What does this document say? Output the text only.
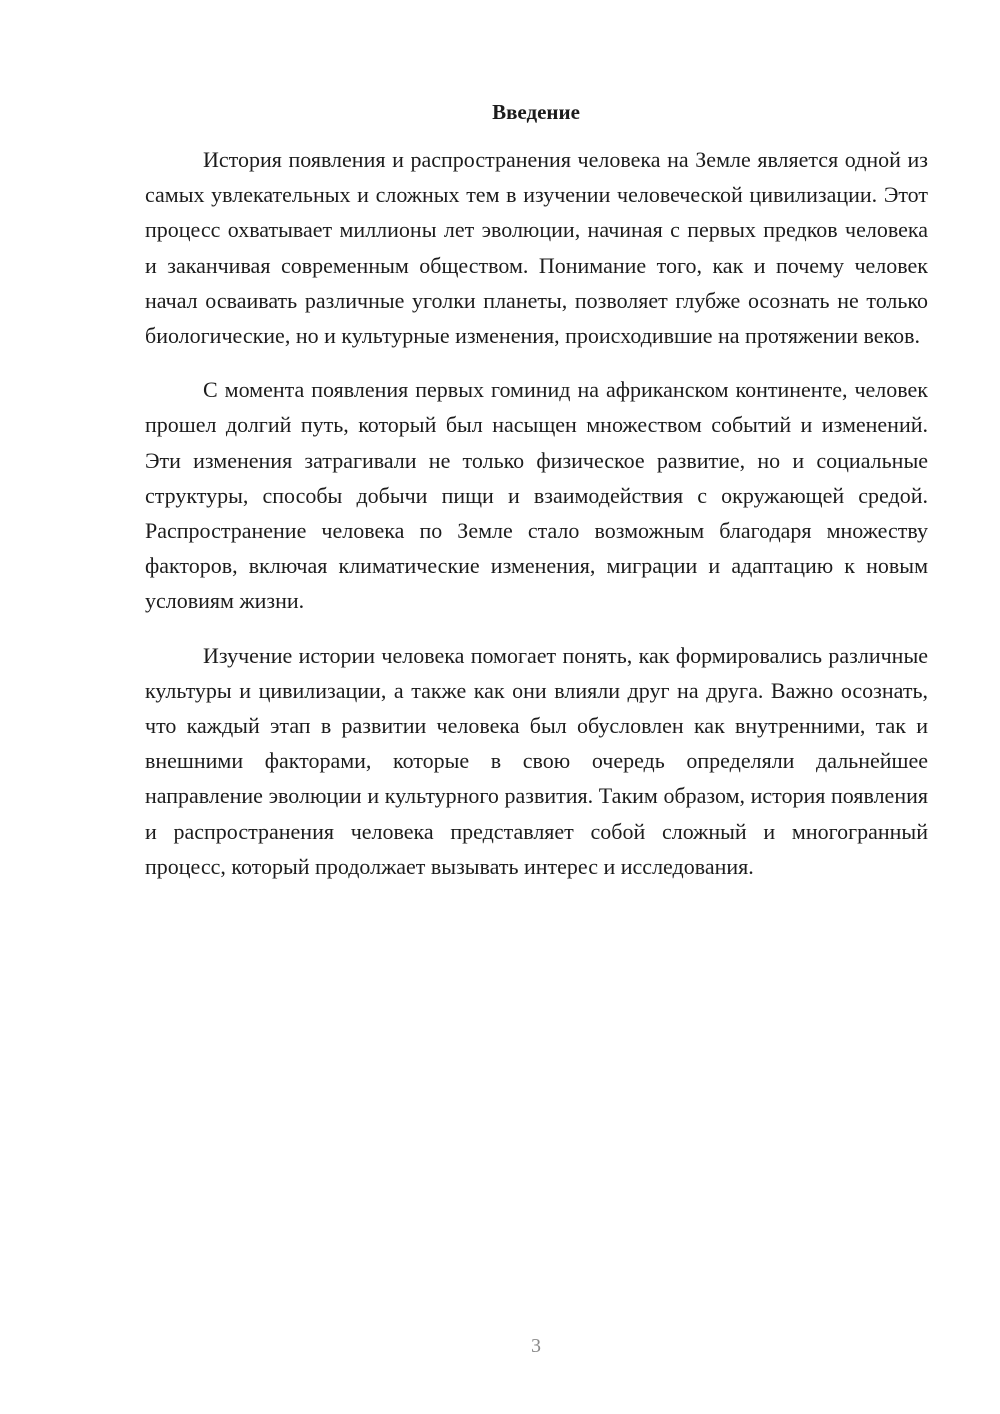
Введение

История появления и распространения человека на Земле является одной из самых увлекательных и сложных тем в изучении человеческой цивилизации. Этот процесс охватывает миллионы лет эволюции, начиная с первых предков человека и заканчивая современным обществом. Понимание того, как и почему человек начал осваивать различные уголки планеты, позволяет глубже осознать не только биологические, но и культурные изменения, происходившие на протяжении веков.

С момента появления первых гоминид на африканском континенте, человек прошел долгий путь, который был насыщен множеством событий и изменений. Эти изменения затрагивали не только физическое развитие, но и социальные структуры, способы добычи пищи и взаимодействия с окружающей средой. Распространение человека по Земле стало возможным благодаря множеству факторов, включая климатические изменения, миграции и адаптацию к новым условиям жизни.

Изучение истории человека помогает понять, как формировались различные культуры и цивилизации, а также как они влияли друг на друга. Важно осознать, что каждый этап в развитии человека был обусловлен как внутренними, так и внешними факторами, которые в свою очередь определяли дальнейшее направление эволюции и культурного развития. Таким образом, история появления и распространения человека представляет собой сложный и многогранный процесс, который продолжает вызывать интерес и исследования.

3
